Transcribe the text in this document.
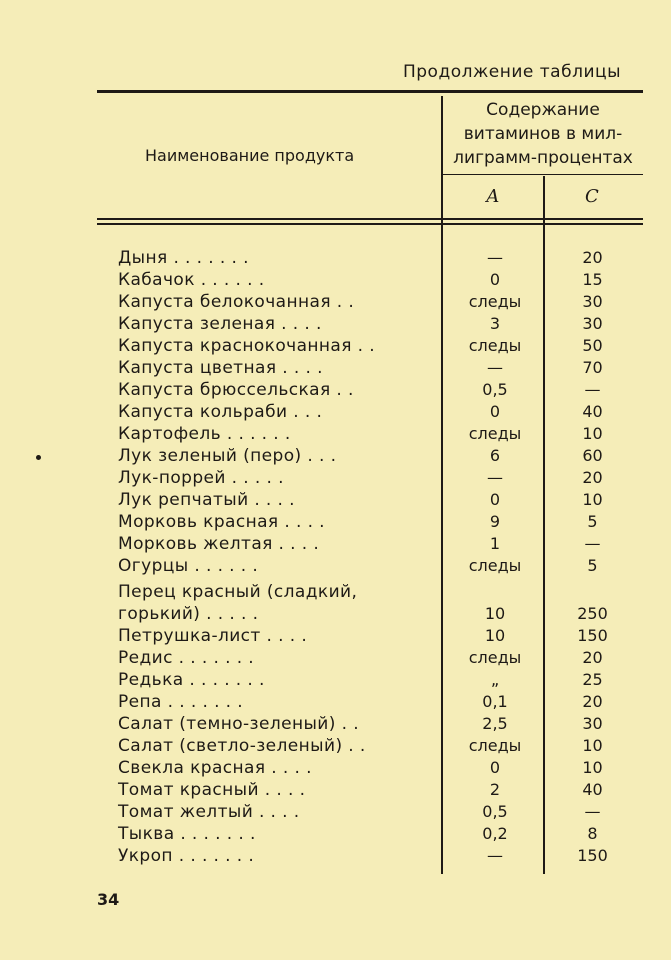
Продолжение таблицы
Наименование продукта
Содержание
витаминов в мил-
лиграмм-процентах
А	С
Дыня . . . . . . .	—	20
Кабачок . . . . . .	0	15
Капуста белокочанная . .	следы	30
Капуста зеленая . . . .	3	30
Капуста краснокочанная . .	следы	50
Капуста цветная . . . .	—	70
Капуста брюссельская . .	0,5	—
Капуста кольраби . . .	0	40
Картофель . . . . . .	следы	10
Лук зеленый (перо) . . .	6	60
Лук-поррей . . . . .	—	20
Лук репчатый . . . .	0	10
Морковь красная . . . .	9	5
Морковь желтая . . . .	1	—
Огурцы . . . . . .	следы	5
Перец красный (сладкий,
горький) . . . . .	10	250
Петрушка-лист . . . .	10	150
Редис . . . . . . .	следы	20
Редька . . . . . . .	„	25
Репа . . . . . . .	0,1	20
Салат (темно-зеленый) . .	2,5	30
Салат (светло-зеленый) . .	следы	10
Свекла красная . . . .	0	10
Томат красный . . . .	2	40
Томат желтый . . . .	0,5	—
Тыква . . . . . . .	0,2	8
Укроп . . . . . . .	—	150
34
